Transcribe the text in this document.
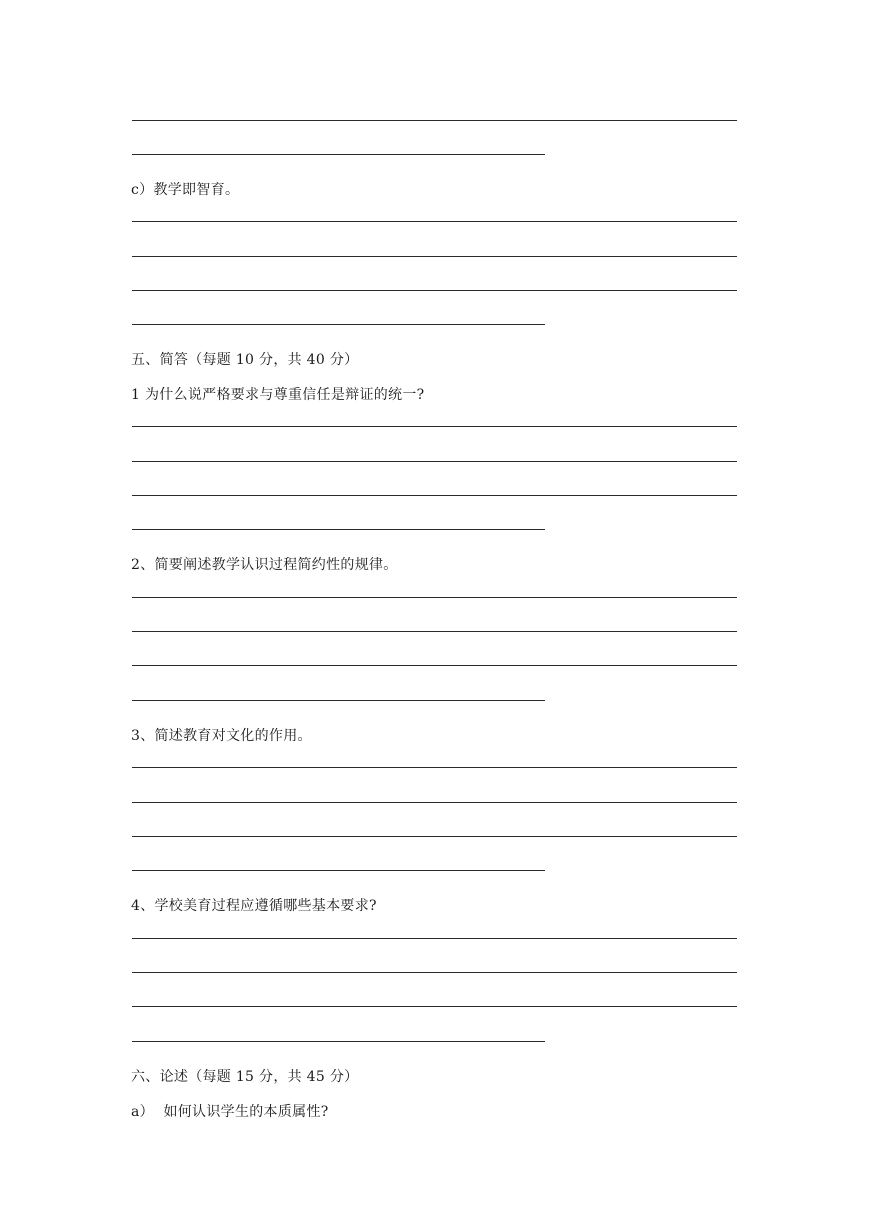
c）教学即智育。
五、简答（每题 10 分，共 40 分）
1 为什么说严格要求与尊重信任是辩证的统一?
2、简要阐述教学认识过程简约性的规律。
3、简述教育对文化的作用。
4、学校美育过程应遵循哪些基本要求?
六、论述（每题 15 分，共 45 分）
a）  如何认识学生的本质属性?
